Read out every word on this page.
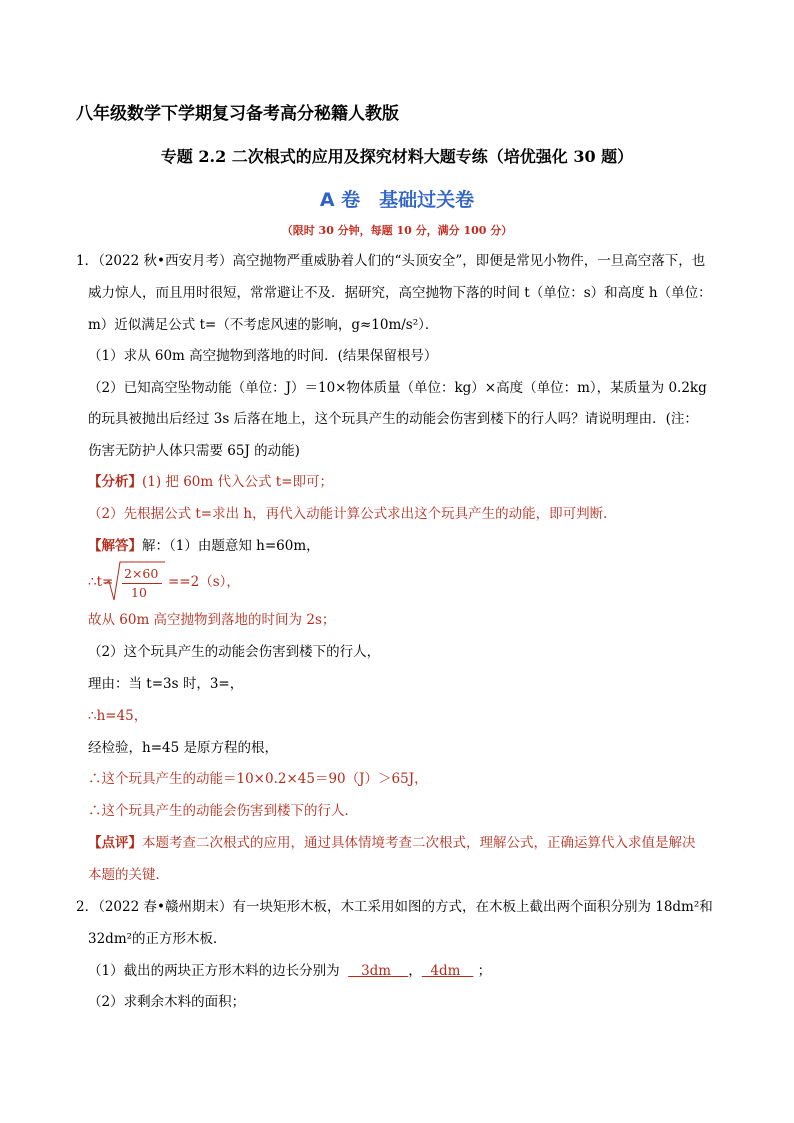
八年级数学下学期复习备考高分秘籍人教版
专题 2.2 二次根式的应用及探究材料大题专练（培优强化 30 题）
A 卷　基础过关卷
（限时 30 分钟，每题 10 分，满分 100 分）
1．（2022 秋•西安月考）高空抛物严重威胁着人们的“头顶安全”，即便是常见小物件，一旦高空落下，也
威力惊人，而且用时很短，常常避让不及．据研究，高空抛物下落的时间 t（单位：s）和高度 h（单位：
m）近似满足公式 t=（不考虑风速的影响，g≈10m/s²）．
（1）求从 60m 高空抛物到落地的时间．(结果保留根号）
（2）已知高空坠物动能（单位：J）＝10×物体质量（单位：kg）×高度（单位：m），某质量为 0.2kg
的玩具被抛出后经过 3s 后落在地上，这个玩具产生的动能会伤害到楼下的行人吗？请说明理由．(注：
伤害无防护人体只需要 65J 的动能)
【分析】(1) 把 60m 代入公式 t=即可；
（2）先根据公式 t=求出 h，再代入动能计算公式求出这个玩具产生的动能，即可判断．
【解答】解：（1）由题意知 h=60m，
∴t=
2×60
10
==2（s），
故从 60m 高空抛物到落地的时间为 2s；
（2）这个玩具产生的动能会伤害到楼下的行人，
理由：当 t=3s 时，3=，
∴h=45，
经检验，h=45 是原方程的根，
∴这个玩具产生的动能＝10×0.2×45＝90（J）＞65J，
∴这个玩具产生的动能会伤害到楼下的行人．
【点评】本题考查二次根式的应用，通过具体情境考查二次根式，理解公式，正确运算代入求值是解决
本题的关键．
2．（2022 春•赣州期末）有一块矩形木板，木工采用如图的方式，在木板上截出两个面积分别为 18dm²和
32dm²的正方形木板．
（1）截出的两块正方形木料的边长分别为 3dm ， 4dm ；
（2）求剩余木料的面积；
